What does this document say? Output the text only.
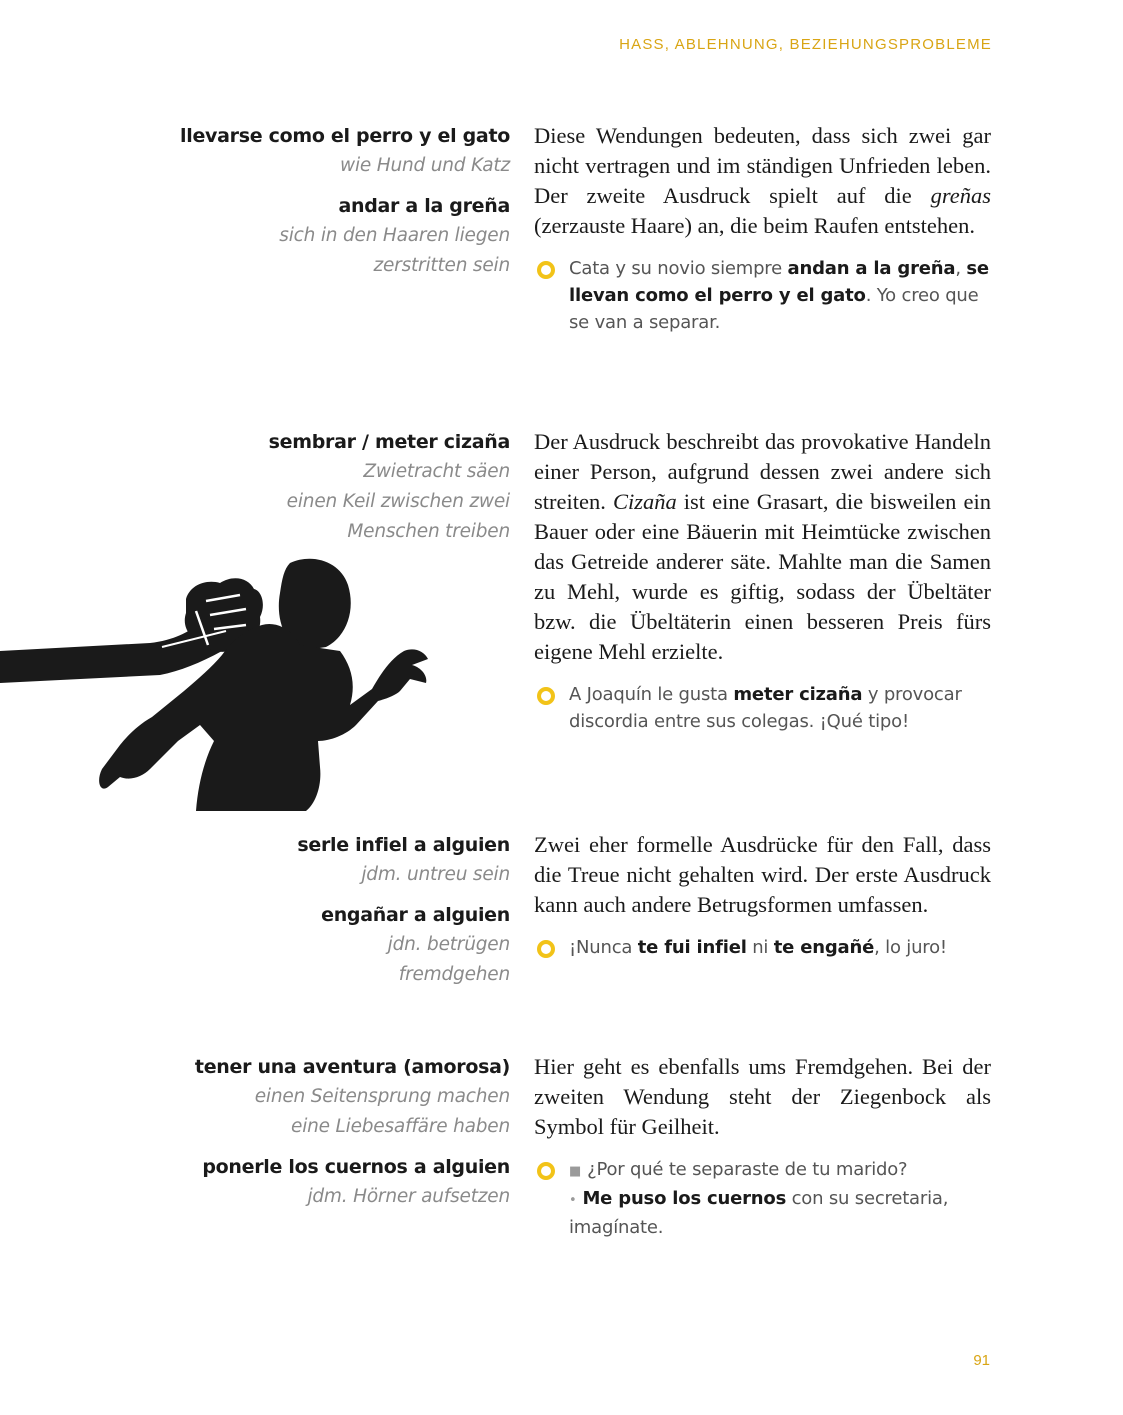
HASS, ABLEHNUNG, BEZIEHUNGSPROBLEME
llevarse como el perro y el gato
wie Hund und Katz
andar a la greña
sich in den Haaren liegen
zerstritten sein

Diese Wendungen bedeuten, dass sich zwei gar nicht vertragen und im ständigen Unfrieden leben. Der zweite Ausdruck spielt auf die greñas (zerzauste Haare) an, die beim Raufen entstehen.

Cata y su novio siempre andan a la greña, se llevan como el perro y el gato. Yo creo que se van a separar.
sembrar / meter cizaña
Zwietracht säen
einen Keil zwischen zwei
Menschen treiben

Der Ausdruck beschreibt das provokative Handeln einer Person, aufgrund dessen zwei andere sich streiten. Cizaña ist eine Grasart, die bisweilen ein Bauer oder eine Bäuerin mit Heimtücke zwischen das Getreide anderer säte. Mahlte man die Samen zu Mehl, wurde es giftig, sodass der Übeltäter bzw. die Übeltäterin einen besseren Preis fürs eigene Mehl erzielte.

A Joaquín le gusta meter cizaña y provocar discordia entre sus colegas. ¡Qué tipo!
serle infiel a alguien
jdm. untreu sein
engañar a alguien
jdn. betrügen
fremdgehen

Zwei eher formelle Ausdrücke für den Fall, dass die Treue nicht gehalten wird. Der erste Ausdruck kann auch andere Betrugsformen umfassen.

¡Nunca te fui infiel ni te engañé, lo juro!
tener una aventura (amorosa)
einen Seitensprung machen
eine Liebesaffäre haben
ponerle los cuernos a alguien
jdm. Hörner aufsetzen

Hier geht es ebenfalls ums Fremdgehen. Bei der zweiten Wendung steht der Ziegenbock als Symbol für Geilheit.

■ ¿Por qué te separaste de tu marido?
• Me puso los cuernos con su secretaria, imagínate.
91
